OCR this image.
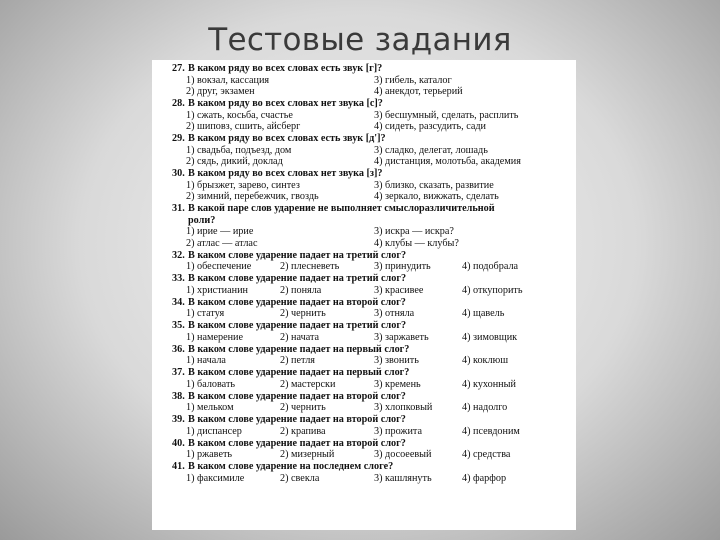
Тестовые задания
27. В каком ряду во всех словах есть звук [г]?
1) вокзал, кассация	3) гибель, каталог
2) друг, экзамен	4) анекдот, терьерий
28. В каком ряду во всех словах нет звука [с]?
1) сжать, косьба, счастье	3) бесшумный, сделать, расплить
2) шиповз, сшить, айсберг	4) сидеть, разсудить, сади
29. В каком ряду во всех словах есть звук [д']?
1) свадьба, подъезд, дом	3) сладко, делегат, лошадь
2) сядь, дикий, доклад	4) дистанция, молотьба, академия
30. В каком ряду во всех словах нет звука [з]?
1) брызжет, зарево, синтез	3) близко, сказать, развитие
2) зимний, перебежчик, гвоздь	4) зеркало, вижжать, сделать
31. В какой паре слов ударение не выполняет смыслоразличительной
роли?
1) ирие — ирие	3) искра — искра?
2) атлас — атлас	4) клубы — клубы?
32. В каком слове ударение падает на третий слог?
1) обеспечение	2) плесневеть	3) принудить	4) подобрала
33. В каком слове ударение падает на третий слог?
1) христианин	2) поняла	3) красивее	4) откупорить
34. В каком слове ударение падает на второй слог?
1) статуя	2) чернить	3) отняла	4) щавель
35. В каком слове ударение падает на третий слог?
1) намерение	2) начата	3) заржаветь	4) зимовщик
36. В каком слове ударение падает на первый слог?
1) начала	2) петля	3) звонить	4) коклюш
37. В каком слове ударение падает на первый слог?
1) баловать	2) мастерски	3) кремень	4) кухонный
38. В каком слове ударение падает на второй слог?
1) мельком	2) чернить	3) хлопковый	4) надолго
39. В каком слове ударение падает на второй слог?
1) диспансер	2) крапива	3) прожита	4) псевдоним
40. В каком слове ударение падает на второй слог?
1) ржаветь	2) мизерный	3) досоеевый	4) средства
41. В каком слове ударение на последнем слоге?
1) факсимиле	2) свекла	3) кашлянуть	4) фарфор
